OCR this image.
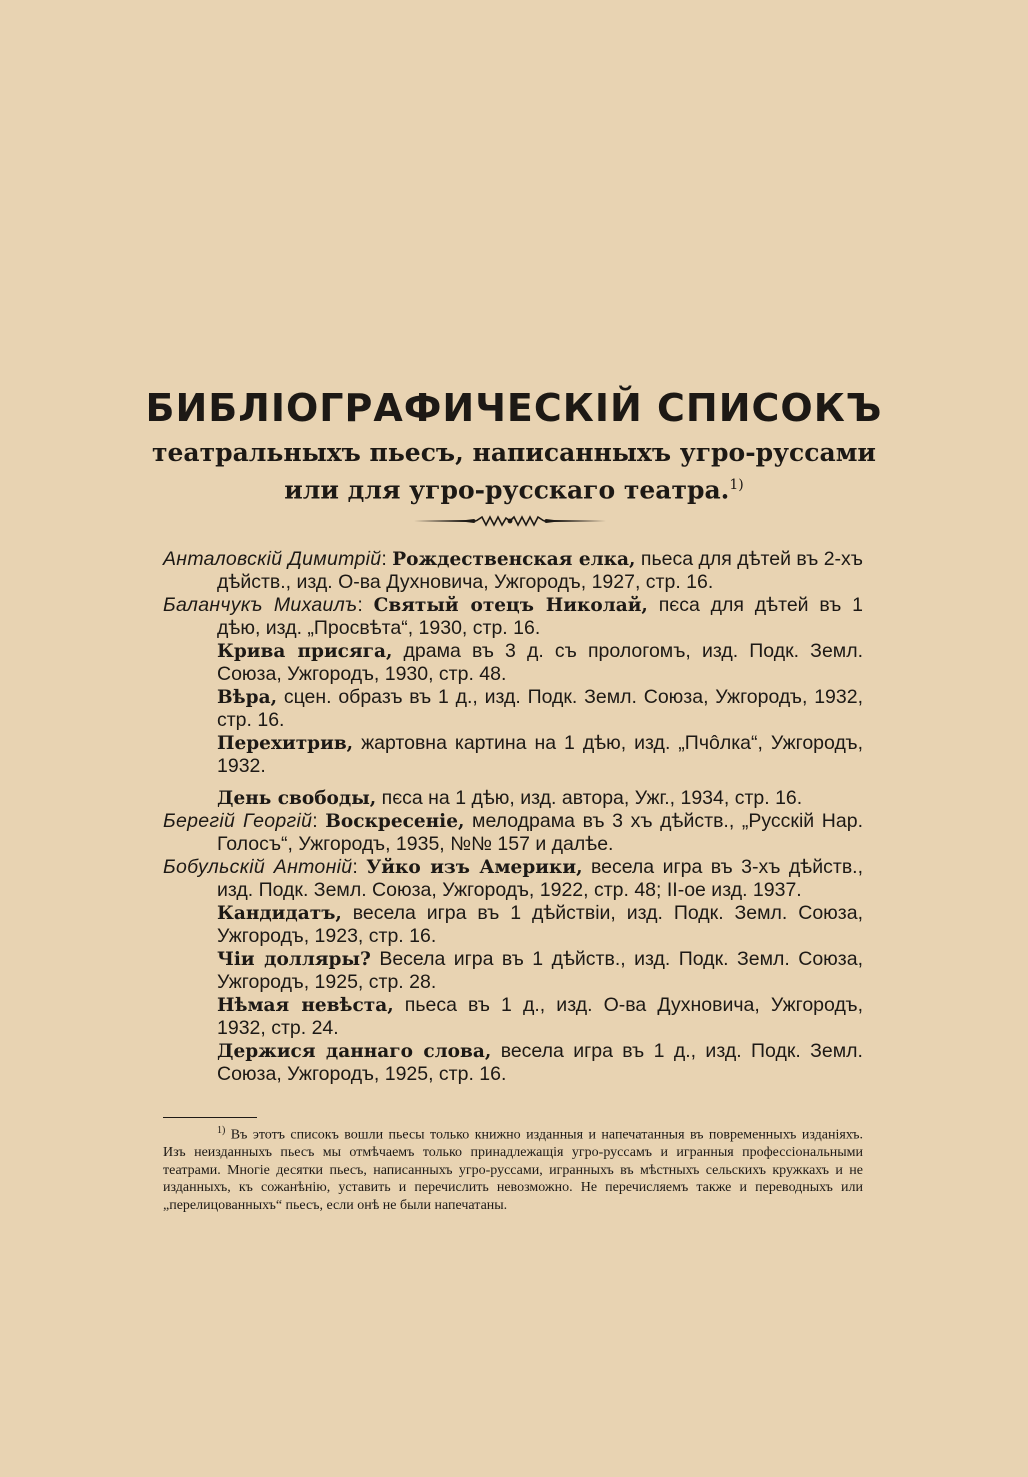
БИБЛІОГРАФИЧЕСКІЙ СПИСОКЪ

театральныхъ пьесъ, написанныхъ угро-руссами

или для угро-русскаго театра.$^{1)}$

Анталовскій Димитрій: Рождественская елка, пьеса для дѣтей въ 2-хъ дѣйств., изд. О-ва Духновича, Ужгородъ, 1927, стр. 16.
Баланчукъ Михаилъ: Святый отецъ Николай, пєса для дѣтей въ 1 дѣю, изд. „Просвѣта“, 1930, стр. 16.
Крива присяга, драма въ 3 д. съ прологомъ, изд. Подк. Земл. Союза, Ужгородъ, 1930, стр. 48.
Вѣра, сцен. образъ въ 1 д., изд. Подк. Земл. Союза, Ужгородъ, 1932, стр. 16.
Перехитрив, жартовна картина на 1 дѣю, изд. „Пчôлка“, Ужгородъ, 1932.
День свободы, пєса на 1 дѣю, изд. автора, Ужг., 1934, стр. 16.
Берегій Георгій: Воскресеніе, мелодрама въ 3 хъ дѣйств., „Русскій Нар. Голосъ“, Ужгородъ, 1935, №№ 157 и далѣе.
Бобульскій Антоній: Уйко изъ Америки, весела игра въ 3-хъ дѣйств., изд. Подк. Земл. Союза, Ужгородъ, 1922, стр. 48; II-ое изд. 1937.
Кандидатъ, весела игра въ 1 дѣйствіи, изд. Подк. Земл. Союза, Ужгородъ, 1923, стр. 16.
Чіи долляры? Весела игра въ 1 дѣйств., изд. Подк. Земл. Союза, Ужгородъ, 1925, стр. 28.
Нѣмая невѣста, пьеса въ 1 д., изд. О-ва Духновича, Ужгородъ, 1932, стр. 24.
Держися даннаго слова, весела игра въ 1 д., изд. Подк. Земл. Союза, Ужгородъ, 1925, стр. 16.

$^{1)}$ Въ этотъ списокъ вошли пьесы только книжно изданныя и напечатанныя въ повременныхъ изданіяхъ. Изъ неизданныхъ пьесъ мы отмѣчаемъ только принадлежащія угро-руссамъ и игранныя профессіональными театрами. Многіе десятки пьесъ, написанныхъ угро-руссами, игранныхъ въ мѣстныхъ сельскихъ кружкахъ и не изданныхъ, къ сожанѣнію, уставить и перечислить невозможно. Не перечисляемъ также и переводныхъ или „перелицованныхъ“ пьесъ, если онѣ не были напечатаны.
